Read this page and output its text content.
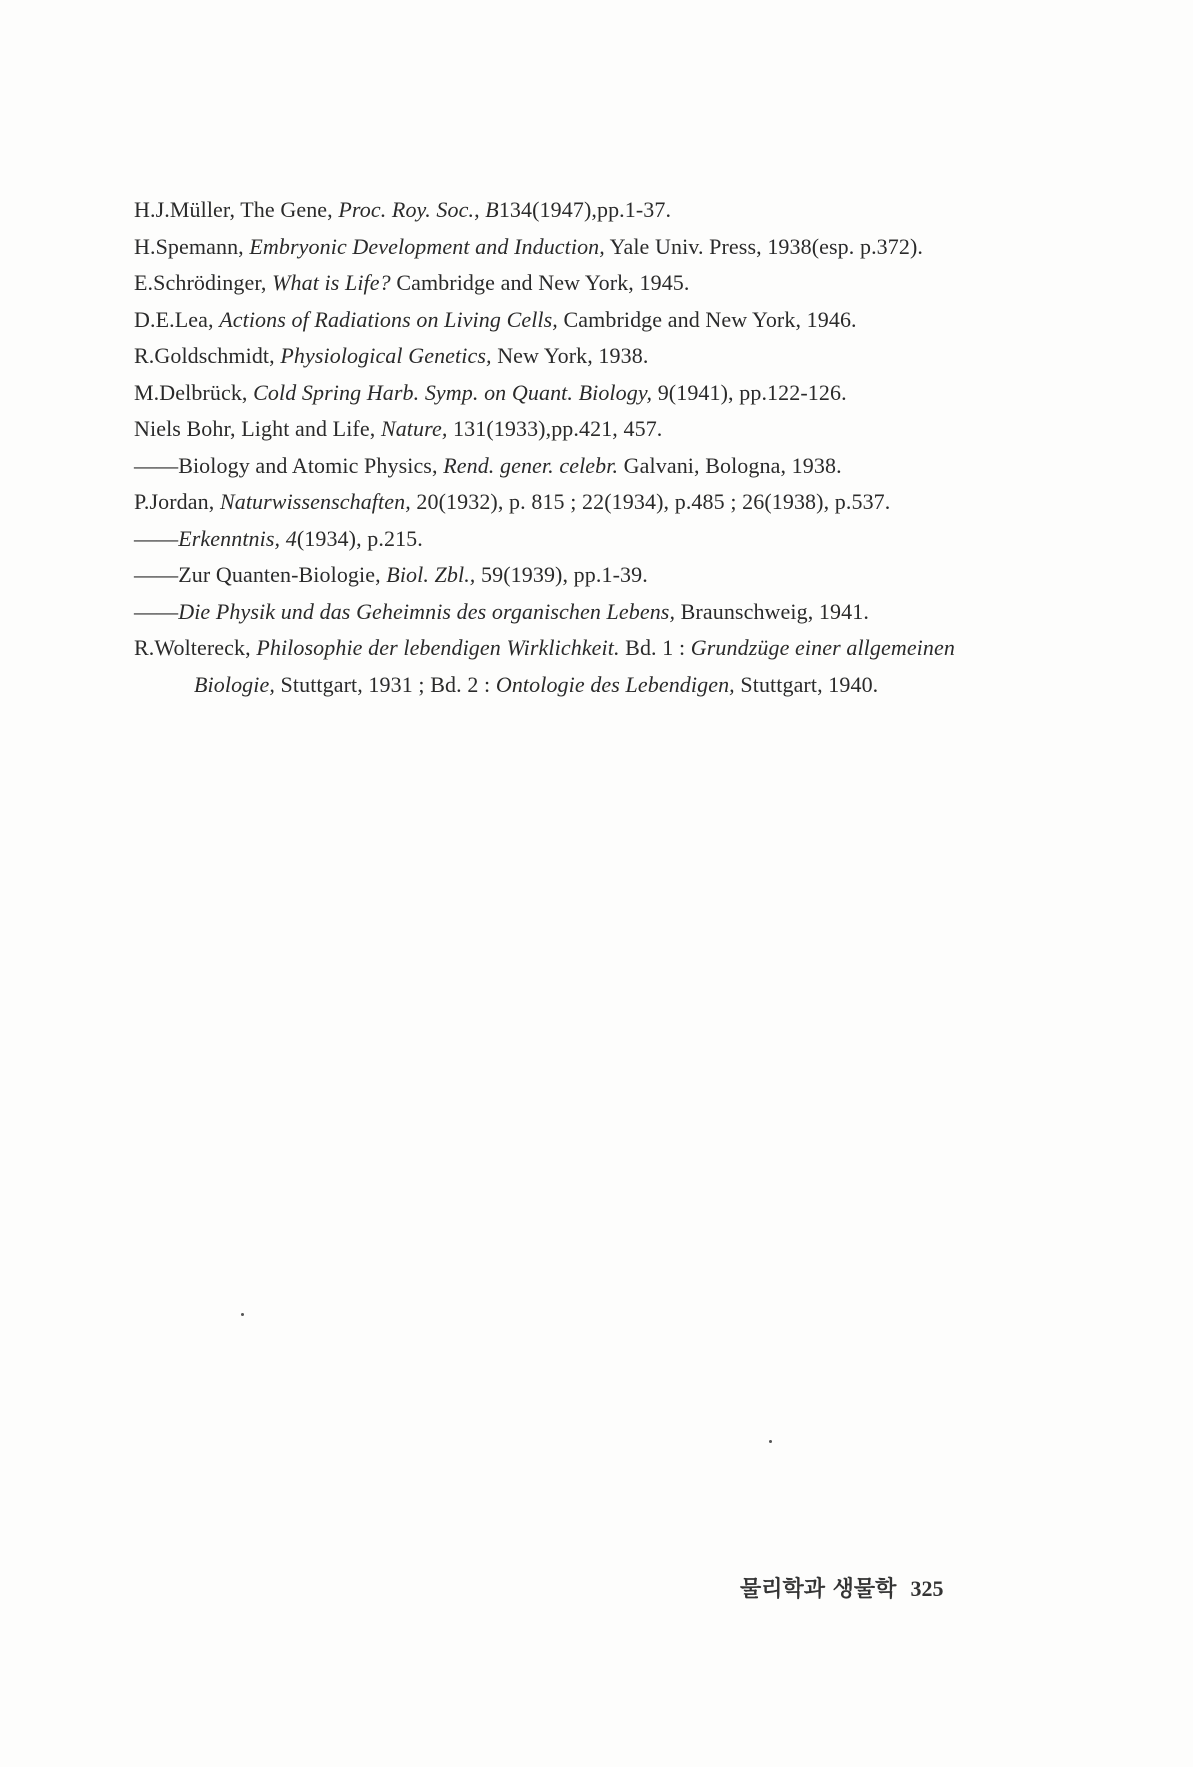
H.J.Müller, The Gene, Proc. Roy. Soc., B134(1947),pp.1-37.
H.Spemann, Embryonic Development and Induction, Yale Univ. Press, 1938(esp. p.372).
E.Schrödinger, What is Life? Cambridge and New York, 1945.
D.E.Lea, Actions of Radiations on Living Cells, Cambridge and New York, 1946.
R.Goldschmidt, Physiological Genetics, New York, 1938.
M.Delbrück, Cold Spring Harb. Symp. on Quant. Biology, 9(1941), pp.122-126.
Niels Bohr, Light and Life, Nature, 131(1933),pp.421, 457.
——Biology and Atomic Physics, Rend. gener. celebr. Galvani, Bologna, 1938.
P.Jordan, Naturwissenschaften, 20(1932), p. 815 ; 22(1934), p.485 ; 26(1938), p.537.
——Erkenntnis, 4(1934), p.215.
——Zur Quanten-Biologie, Biol. Zbl., 59(1939), pp.1-39.
——Die Physik und das Geheimnis des organischen Lebens, Braunschweig, 1941.
R.Woltereck, Philosophie der lebendigen Wirklichkeit. Bd. 1 : Grundzüge einer allgemeinen
Biologie, Stuttgart, 1931 ; Bd. 2 : Ontologie des Lebendigen, Stuttgart, 1940.
물리학과 생물학 325
